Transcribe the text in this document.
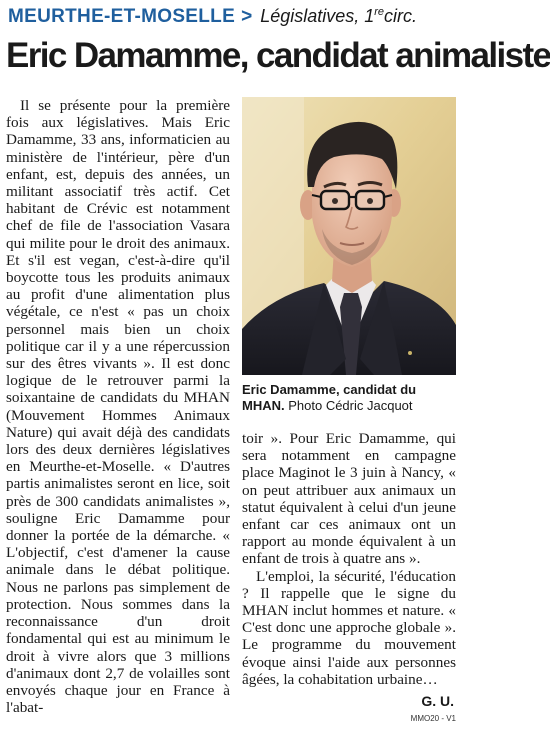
MEURTHE-ET-MOSELLE > Législatives, 1recirc.
Eric Damamme, candidat animaliste

Il se présente pour la première fois aux législatives. Mais Eric Damamme, 33 ans, informaticien au ministère de l'intérieur, père d'un enfant, est, depuis des années, un militant associatif très actif. Cet habitant de Crévic est notamment chef de file de l'association Vasara qui milite pour le droit des animaux. Et s'il est vegan, c'est-à-dire qu'il boycotte tous les produits animaux au profit d'une alimentation plus végétale, ce n'est « pas un choix personnel mais bien un choix politique car il y a une répercussion sur des êtres vivants ». Il est donc logique de le retrouver parmi la soixantaine de candidats du MHAN (Mouvement Hommes Animaux Nature) qui avait déjà des candidats lors des deux dernières législatives en Meurthe-et-Moselle. « D'autres partis animalistes seront en lice, soit près de 300 candidats animalistes », souligne Eric Damamme pour donner la portée de la démarche. « L'objectif, c'est d'amener la cause animale dans le débat politique. Nous ne parlons pas simplement de protection. Nous sommes dans la reconnaissance d'un droit fondamental qui est au minimum le droit à vivre alors que 3 millions d'animaux dont 2,7 de volailles sont envoyés chaque jour en France à l'abat-

Eric Damamme, candidat du MHAN. Photo Cédric Jacquot

toir ». Pour Eric Damamme, qui sera notamment en campagne place Maginot le 3 juin à Nancy, « on peut attribuer aux animaux un statut équivalent à celui d'un jeune enfant car ces animaux ont un rapport au monde équivalent à un enfant de trois à quatre ans ».

L'emploi, la sécurité, l'éducation ? Il rappelle que le signe du MHAN inclut hommes et nature. « C'est donc une approche globale ». Le programme du mouvement évoque ainsi l'aide aux personnes âgées, la cohabitation urbaine…

G. U.
MMO20 - V1
